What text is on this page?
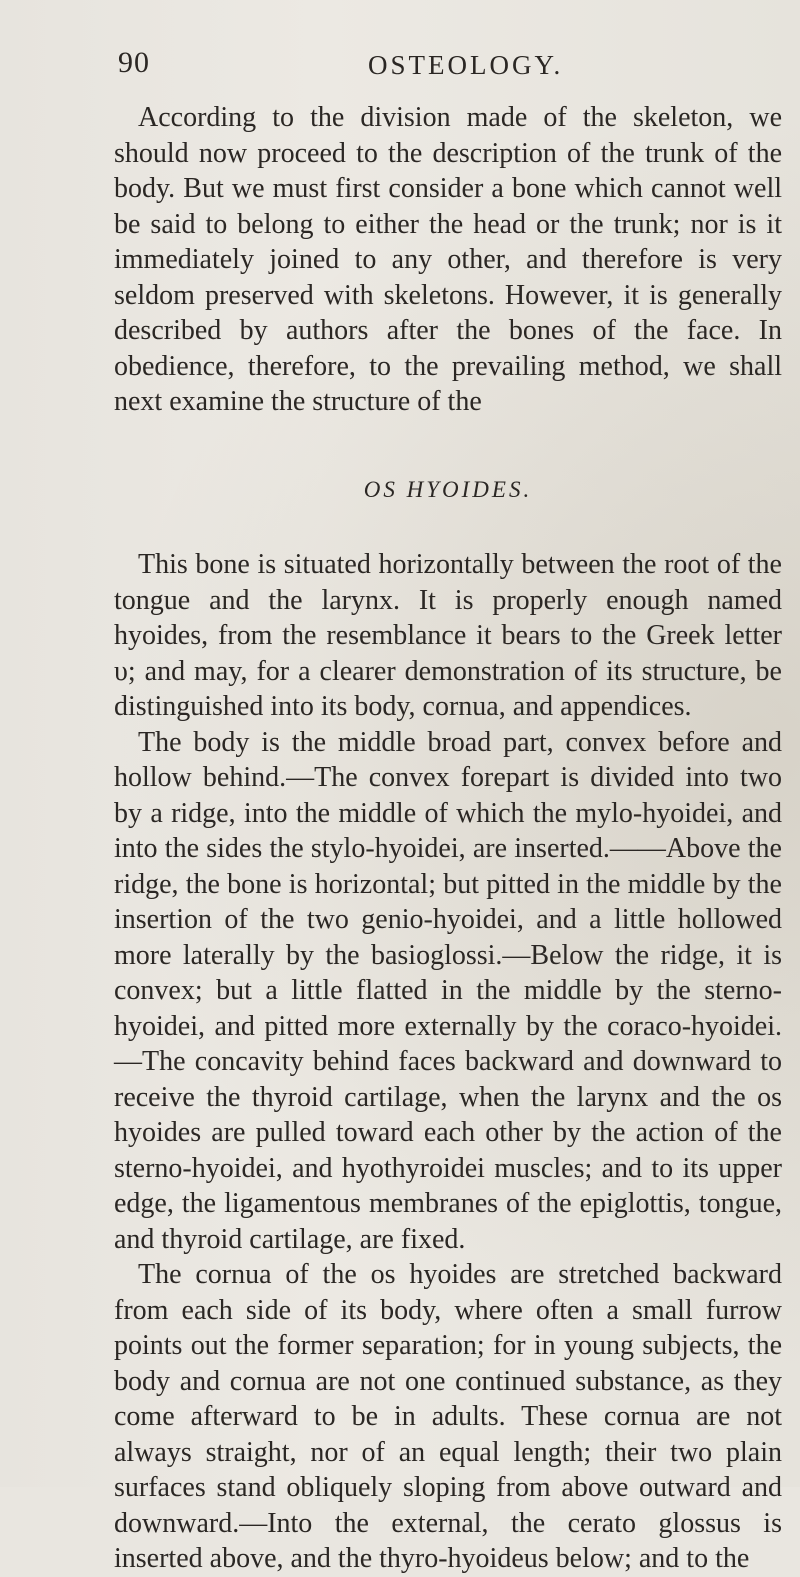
90	OSTEOLOGY.

According to the division made of the skeleton, we should now proceed to the description of the trunk of the body. But we must first consider a bone which cannot well be said to belong to either the head or the trunk; nor is it immediately joined to any other, and therefore is very seldom preserved with skeletons. However, it is generally described by authors after the bones of the face. In obedience, therefore, to the prevailing method, we shall next examine the structure of the

OS HYOIDES.

This bone is situated horizontally between the root of the tongue and the larynx. It is properly enough named hyoides, from the resemblance it bears to the Greek letter υ; and may, for a clearer demonstration of its structure, be distinguished into its body, cornua, and appendices.

The body is the middle broad part, convex before and hollow behind.—The convex forepart is divided into two by a ridge, into the middle of which the mylo-hyoidei, and into the sides the stylo-hyoidei, are inserted.——Above the ridge, the bone is horizontal; but pitted in the middle by the insertion of the two genio-hyoidei, and a little hollowed more laterally by the basioglossi.—Below the ridge, it is convex; but a little flatted in the middle by the sterno-hyoidei, and pitted more externally by the coraco-hyoidei.—The concavity behind faces backward and downward to receive the thyroid cartilage, when the larynx and the os hyoides are pulled toward each other by the action of the sterno-hyoidei, and hyothyroidei muscles; and to its upper edge, the ligamentous membranes of the epiglottis, tongue, and thyroid cartilage, are fixed.

The cornua of the os hyoides are stretched backward from each side of its body, where often a small furrow points out the former separation; for in young subjects, the body and cornua are not one continued substance, as they come afterward to be in adults. These cornua are not always straight, nor of an equal length; their two plain surfaces stand obliquely sloping from above outward and downward.—Into the external, the cerato glossus is inserted above, and the thyro-hyoideus below; and to the
